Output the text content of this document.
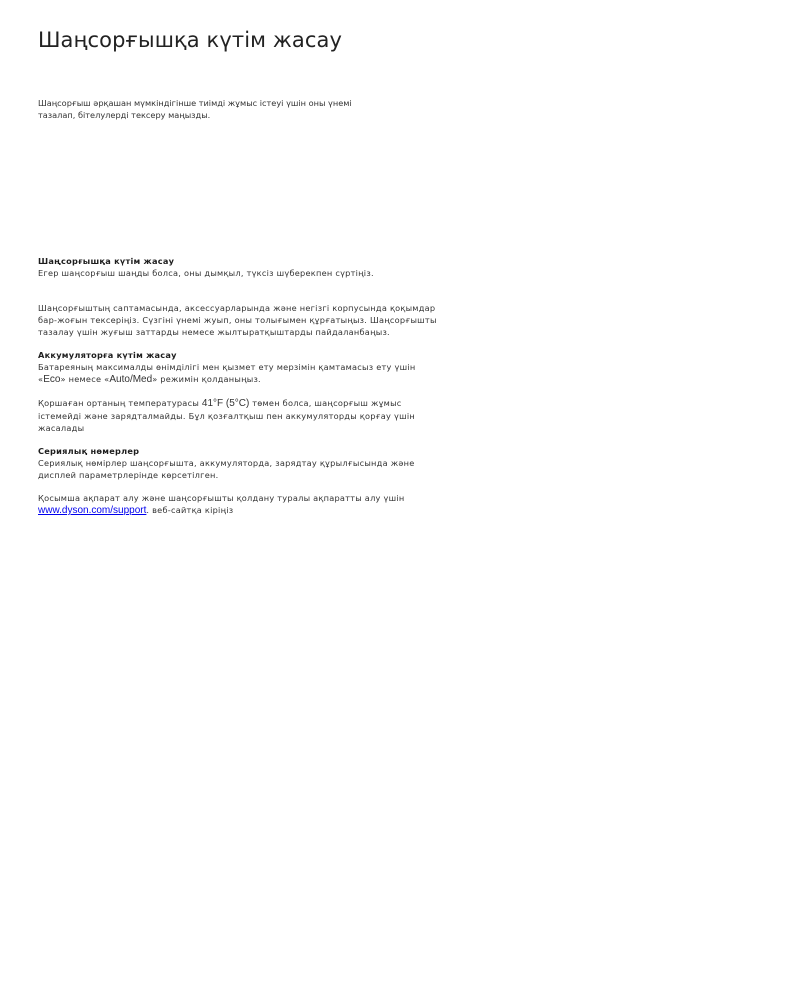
Шаңсорғышқа күтім жасау

Шаңсорғыш әрқашан мүмкіндігінше тиімді жұмыс істеуі үшін оны үнемі тазалап, бітелулерді тексеру маңызды.

Шаңсорғышқа күтім жасау

Егер шаңсорғыш шаңды болса, оны дымқыл, түксіз шүберекпен сүртіңіз.

Шаңсорғыштың саптамасында, аксессуарларында және негізгі корпусында қоқымдар бар-жоғын тексеріңіз. Сүзгіні үнемі жуып, оны толығымен құрғатыңыз. Шаңсорғышты тазалау үшін жуғыш заттарды немесе жылтыратқыштарды пайдаланбаңыз.

Аккумуляторға күтім жасау

Батареяның максималды өнімділігі мен қызмет ету мерзімін қамтамасыз ету үшін «Eco» немесе «Auto/Med» режимін қолданыңыз.

Қоршаған ортаның температурасы 41°F (5°C) төмен болса, шаңсорғыш жұмыс істемейді және зарядталмайды. Бұл қозғалтқыш пен аккумуляторды қорғау үшін жасалады

Сериялық нөмерлер

Сериялық нөмірлер шаңсорғышта, аккумуляторда, зарядтау құрылғысында және дисплей параметрлерінде көрсетілген.

Қосымша ақпарат алу және шаңсорғышты қолдану туралы ақпаратты алу үшін www.dyson.com/support. веб-сайтқа кіріңіз
